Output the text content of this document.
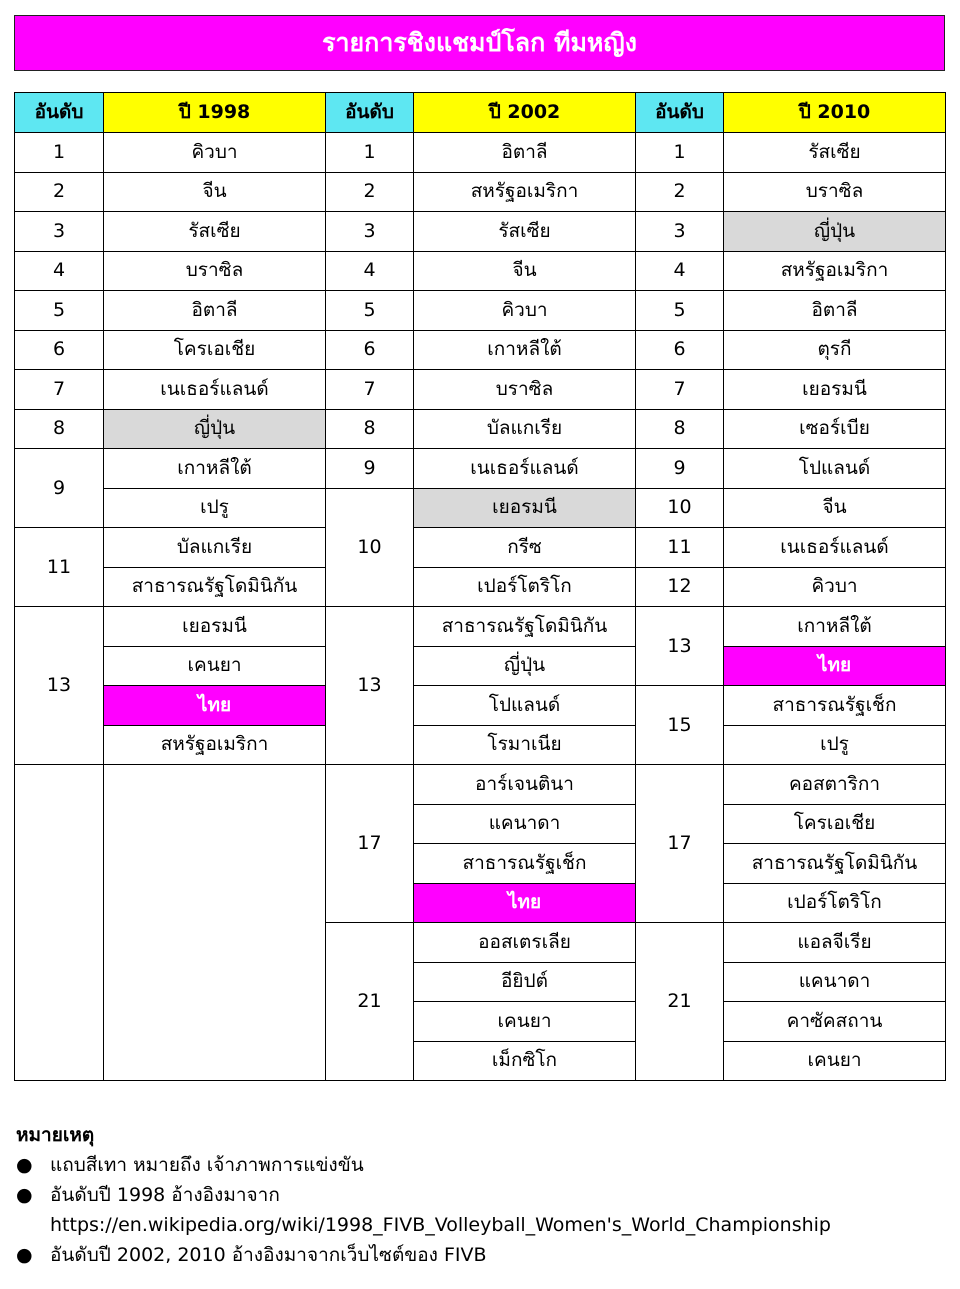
รายการชิงแชมป์โลก ทีมหญิง
อันดับ	ปี 1998	อันดับ	ปี 2002	อันดับ	ปี 2010
1	คิวบา	1	อิตาลี	1	รัสเซีย
2	จีน	2	สหรัฐอเมริกา	2	บราซิล
3	รัสเซีย	3	รัสเซีย	3	ญี่ปุ่น
4	บราซิล	4	จีน	4	สหรัฐอเมริกา
5	อิตาลี	5	คิวบา	5	อิตาลี
6	โครเอเชีย	6	เกาหลีใต้	6	ตุรกี
7	เนเธอร์แลนด์	7	บราซิล	7	เยอรมนี
8	ญี่ปุ่น	8	บัลแกเรีย	8	เซอร์เบีย
9	เกาหลีใต้	9	เนเธอร์แลนด์	9	โปแลนด์
	เปรู	10	เยอรมนี	10	จีน
11	บัลแกเรีย		กรีซ	11	เนเธอร์แลนด์
	สาธารณรัฐโดมินิกัน		เปอร์โตริโก	12	คิวบา
13	เยอรมนี	13	สาธารณรัฐโดมินิกัน	13	เกาหลีใต้
	เคนยา		ญี่ปุ่น		ไทย
	ไทย		โปแลนด์	15	สาธารณรัฐเช็ก
	สหรัฐอเมริกา		โรมาเนีย		เปรู
		17	อาร์เจนตินา	17	คอสตาริกา
			แคนาดา		โครเอเชีย
			สาธารณรัฐเช็ก		สาธารณรัฐโดมินิกัน
			ไทย		เปอร์โตริโก
		21	ออสเตรเลีย	21	แอลจีเรีย
			อียิปต์		แคนาดา
			เคนยา		คาซัคสถาน
			เม็กซิโก		เคนยา
หมายเหตุ
● แถบสีเทา หมายถึง เจ้าภาพการแข่งขัน
● อันดับปี 1998 อ้างอิงมาจาก
https://en.wikipedia.org/wiki/1998_FIVB_Volleyball_Women's_World_Championship
● อันดับปี 2002, 2010 อ้างอิงมาจากเว็บไซต์ของ FIVB
